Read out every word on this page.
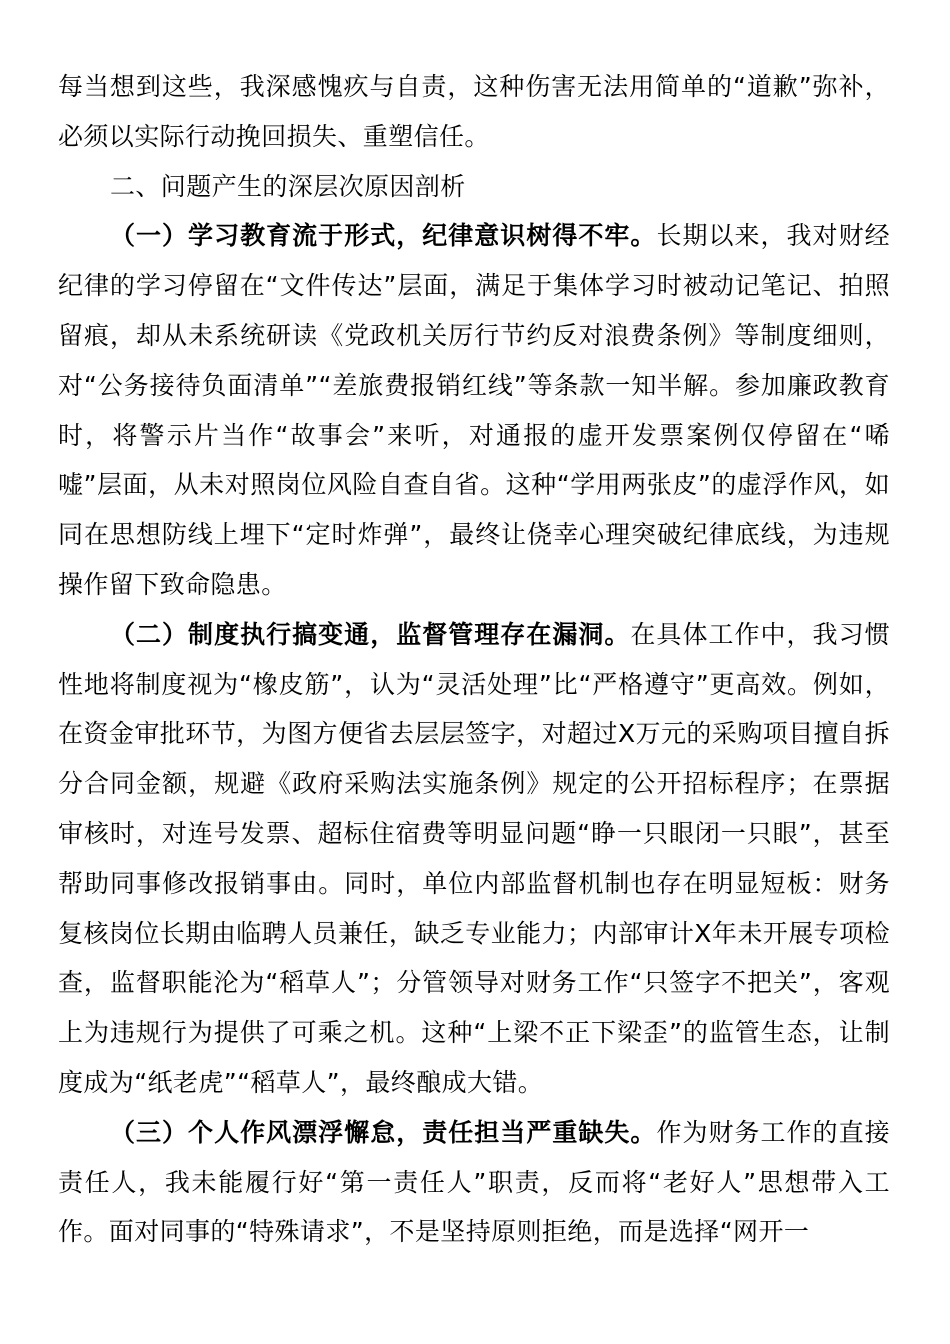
每当想到这些，我深感愧疚与自责，这种伤害无法用简单的“道歉”弥补，必须以实际行动挽回损失、重塑信任。

二、问题产生的深层次原因剖析

（一）学习教育流于形式，纪律意识树得不牢。长期以来，我对财经纪律的学习停留在“文件传达”层面，满足于集体学习时被动记笔记、拍照留痕，却从未系统研读《党政机关厉行节约反对浪费条例》等制度细则，对“公务接待负面清单”“差旅费报销红线”等条款一知半解。参加廉政教育时，将警示片当作“故事会”来听，对通报的虚开发票案例仅停留在“唏嘘”层面，从未对照岗位风险自查自省。这种“学用两张皮”的虚浮作风，如同在思想防线上埋下“定时炸弹”，最终让侥幸心理突破纪律底线，为违规操作留下致命隐患。

（二）制度执行搞变通，监督管理存在漏洞。在具体工作中，我习惯性地将制度视为“橡皮筋”，认为“灵活处理”比“严格遵守”更高效。例如，在资金审批环节，为图方便省去层层签字，对超过X万元的采购项目擅自拆分合同金额，规避《政府采购法实施条例》规定的公开招标程序；在票据审核时，对连号发票、超标住宿费等明显问题“睁一只眼闭一只眼”，甚至帮助同事修改报销事由。同时，单位内部监督机制也存在明显短板：财务复核岗位长期由临聘人员兼任，缺乏专业能力；内部审计X年未开展专项检查，监督职能沦为“稻草人”；分管领导对财务工作“只签字不把关”，客观上为违规行为提供了可乘之机。这种“上梁不正下梁歪”的监管生态，让制度成为“纸老虎”“稻草人”，最终酿成大错。

（三）个人作风漂浮懈怠，责任担当严重缺失。作为财务工作的直接责任人，我未能履行好“第一责任人”职责，反而将“老好人”思想带入工作。面对同事的“特殊请求”，不是坚持原则拒绝，而是选择“网开一
